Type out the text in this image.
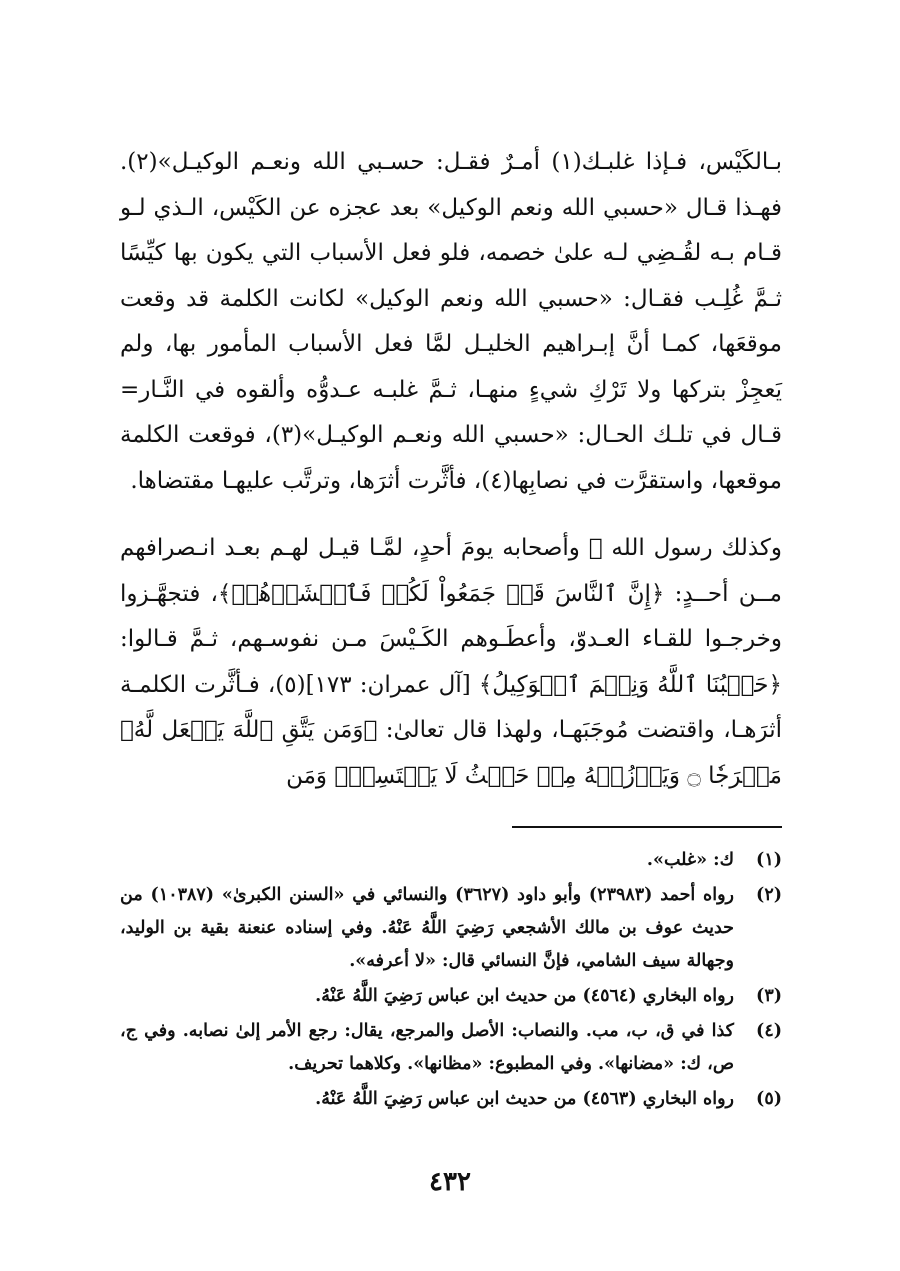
بـالكَيْس، فـإذا غلبـك(١) أمـرٌ فقـل: حسـبي الله ونعـم الوكيـل»(٢). فهـذا قـال «حسبي الله ونعم الوكيل» بعد عجزه عن الكَيْس، الـذي لـو قـام بـه لقُـضِي لـه علىٰ خصمه، فلو فعل الأسباب التي يكون بها كيِّسًا ثـمَّ غُلِـب فقـال: «حسبي الله ونعم الوكيل» لكانت الكلمة قد وقعت موقعَها، كمـا أنَّ إبـراهيم الخليـل لمَّا فعل الأسباب المأمور بها، ولم يَعجِزْ بتركها ولا تَرْكِ شيءٍ منهـا، ثـمَّ غلبـه عـدوُّه وألقوه في النَّـار= قـال في تلـك الحـال: «حسبي الله ونعـم الوكيـل»(٣)، فوقعت الكلمة موقعها، واستقرَّت في نصابِها(٤)، فأثَّرت أثرَها، وترتَّب عليهـا مقتضاها.

وكذلك رسول الله ﷺ وأصحابه يومَ أحدٍ، لمَّـا قيـل لهـم بعـد انـصرافهم مــن أحــدٍ: ﴿إِنَّ ٱلنَّاسَ قَدۡ جَمَعُواْ لَكُمۡ فَٱخۡشَوۡهُمۡ﴾، فتجهَّـزوا وخرجـوا للقـاء العـدوّ، وأعطَـوهم الكَـيْسَ مـن نفوسـهم، ثـمَّ قـالوا: ﴿حَسۡبُنَا ٱللَّهُ وَنِعۡمَ ٱلۡوَكِيلُ﴾ [آل عمران: ١٧٣](٥)، فـأثَّرت الكلمـة أثرَهـا، واقتضت مُوجَبَهـا، ولهذا قال تعالىٰ: ﴿وَمَن يَتَّقِ ٱللَّهَ يَجۡعَل لَّهُۥ مَخۡرَجٗا ۝ وَيَرۡزُقۡهُ مِنۡ حَيۡثُ لَا يَحۡتَسِبُۚ وَمَن

(١)
ك: «غلب».
(٢)
رواه أحمد (٢٣٩٨٣) وأبو داود (٣٦٢٧) والنسائي في «السنن الكبرىٰ» (١٠٣٨٧) من حديث عوف بن مالك الأشجعي رَضِيَ اللَّهُ عَنْهُ. وفي إسناده عنعنة بقية بن الوليد، وجهالة سيف الشامي، فإنَّ النسائي قال: «لا أعرفه».
(٣)
رواه البخاري (٤٥٦٤) من حديث ابن عباس رَضِيَ اللَّهُ عَنْهُ.
(٤)
كذا في ق، ب، مب. والنصاب: الأصل والمرجع، يقال: رجع الأمر إلىٰ نصابه. وفي ج، ص، ك: «مضانها». وفي المطبوع: «مظانها». وكلاهما تحريف.
(٥)
رواه البخاري (٤٥٦٣) من حديث ابن عباس رَضِيَ اللَّهُ عَنْهُ.
٤٣٢
